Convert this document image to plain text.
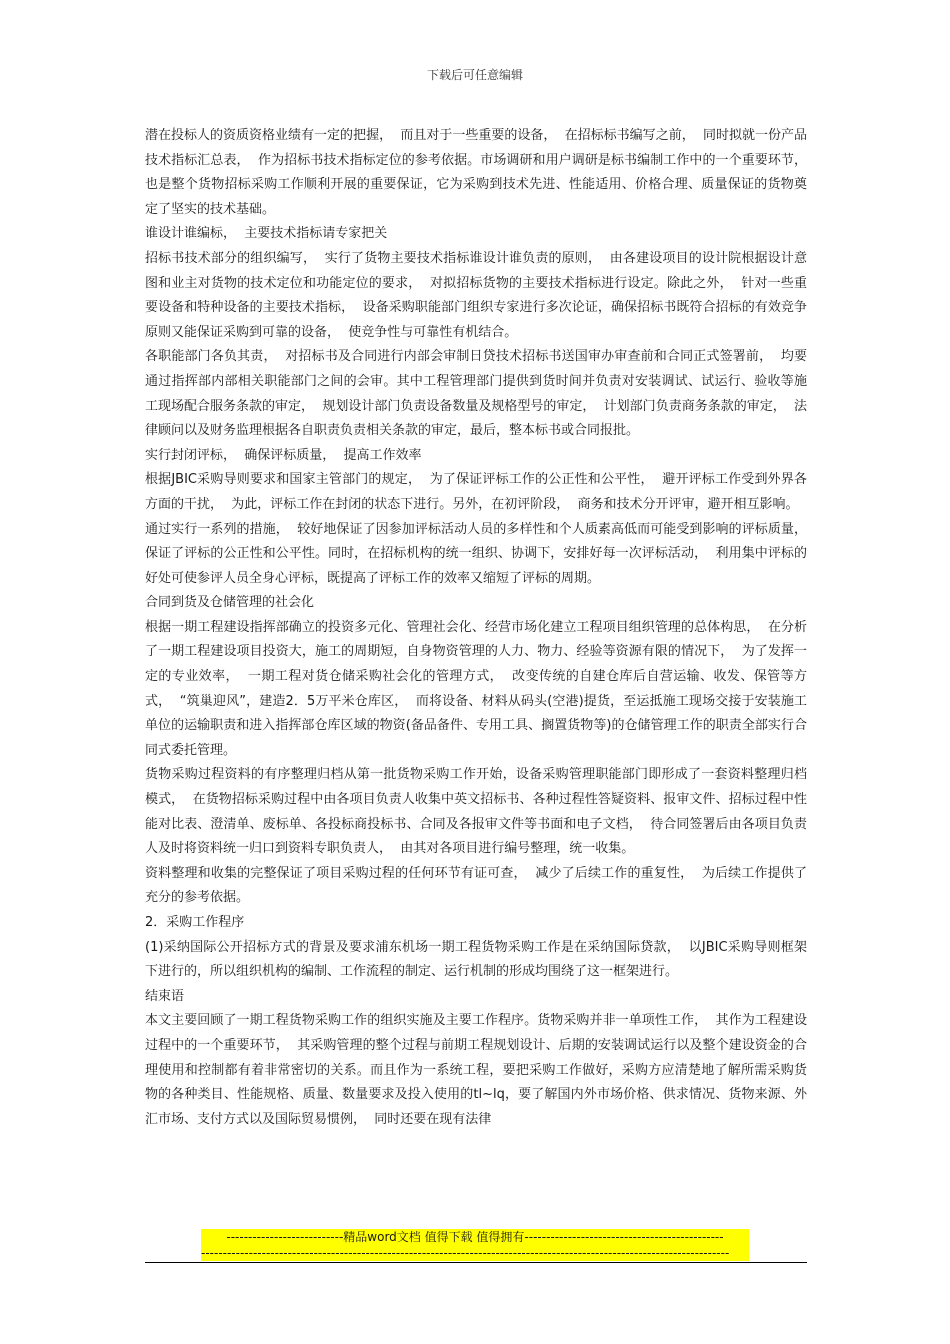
下载后可任意编辑

潜在投标人的资质资格业绩有一定的把握，  而且对于一些重要的设备，  在招标标书编写之前，  同时拟就一份产品技术指标汇总表，  作为招标书技术指标定位的参考依据。市场调研和用户调研是标书编制工作中的一个重要环节，  也是整个货物招标采购工作顺利开展的重要保证，它为采购到技术先进、性能适用、价格合理、质量保证的货物奠定了坚实的技术基础。

谁设计谁编标，  主要技术指标请专家把关

招标书技术部分的组织编写，  实行了货物主要技术指标谁设计谁负责的原则，  由各建设项目的设计院根据设计意图和业主对货物的技术定位和功能定位的要求，  对拟招标货物的主要技术指标进行设定。除此之外，  针对一些重要设备和特种设备的主要技术指标，  设备采购职能部门组织专家进行多次论证，确保招标书既符合招标的有效竞争原则又能保证采购到可靠的设备，  使竞争性与可靠性有机结合。

各职能部门各负其责，  对招标书及合同进行内部会审制日贷技术招标书送国审办审查前和合同正式签署前，  均要通过指挥部内部相关职能部门之间的会审。其中工程管理部门提供到货时间并负责对安装调试、试运行、验收等施工现场配合服务条款的审定，  规划设计部门负责设备数量及规格型号的审定，  计划部门负责商务条款的审定，  法律顾问以及财务监理根据各自职责负责相关条款的审定，最后，整本标书或合同报批。

实行封闭评标，  确保评标质量，  提高工作效率

根据JBIC采购导则要求和国家主管部门的规定，  为了保证评标工作的公正性和公平性，  避开评标工作受到外界各方面的干扰，  为此，评标工作在封闭的状态下进行。另外，在初评阶段，  商务和技术分开评审，避开相互影响。

通过实行一系列的措施，  较好地保证了因参加评标活动人员的多样性和个人质素高低而可能受到影响的评标质量，  保证了评标的公正性和公平性。同时，在招标机构的统一组织、协调下，安排好每一次评标活动，  利用集中评标的好处可使参评人员全身心评标，既提高了评标工作的效率又缩短了评标的周期。

合同到货及仓储管理的社会化

根据一期工程建设指挥部确立的投资多元化、管理社会化、经营市场化建立工程项目组织管理的总体构思，  在分析了一期工程建设项目投资大，施工的周期短，自身物资管理的人力、物力、经验等资源有限的情况下，  为了发挥一定的专业效率，  一期工程对货仓储采购社会化的管理方式，  改变传统的自建仓库后自营运输、收发、保管等方式，  “筑巢迎风”，建造2．5万平米仓库区，  而将设备、材料从码头(空港)提货，至运抵施工现场交接于安装施工单位的运输职责和进入指挥部仓库区域的物资(备品备件、专用工具、搁置货物等)的仓储管理工作的职责全部实行合同式委托管理。

货物采购过程资料的有序整理归档从第一批货物采购工作开始，设备采购管理职能部门即形成了一套资料整理归档模式，  在货物招标采购过程中由各项目负责人收集中英文招标书、各种过程性答疑资料、报审文件、招标过程中性能对比表、澄清单、废标单、各投标商投标书、合同及各报审文件等书面和电子文档，  待合同签署后由各项目负责人及时将资料统一归口到资料专职负责人，  由其对各项目进行编号整理，统一收集。

资料整理和收集的完整保证了项目采购过程的任何环节有证可查，  减少了后续工作的重复性，  为后续工作提供了充分的参考依据。

2．采购工作程序

(1)采纳国际公开招标方式的背景及要求浦东机场一期工程货物采购工作是在采纳国际贷款，  以JBIC采购导则框架下进行的，所以组织机构的编制、工作流程的制定、运行机制的形成均围绕了这一框架进行。

结束语

本文主要回顾了一期工程货物采购工作的组织实施及主要工作程序。货物采购并非一单项性工作，  其作为工程建设过程中的一个重要环节，  其采购管理的整个过程与前期工程规划设计、后期的安装调试运行以及整个建设资金的合理使用和控制都有着非常密切的关系。而且作为一系统工程，要把采购工作做好，采购方应清楚地了解所需采购货物的各种类目、性能规格、质量、数量要求及投入使用的tl~lq，要了解国内外市场价格、供求情况、货物来源、外汇市场、支付方式以及国际贸易惯例，  同时还要在现有法律

---------------------------精品word文档 值得下载 值得拥有----------------------------------------------
--------------------------------------------------------------------------------------------------------------------------
